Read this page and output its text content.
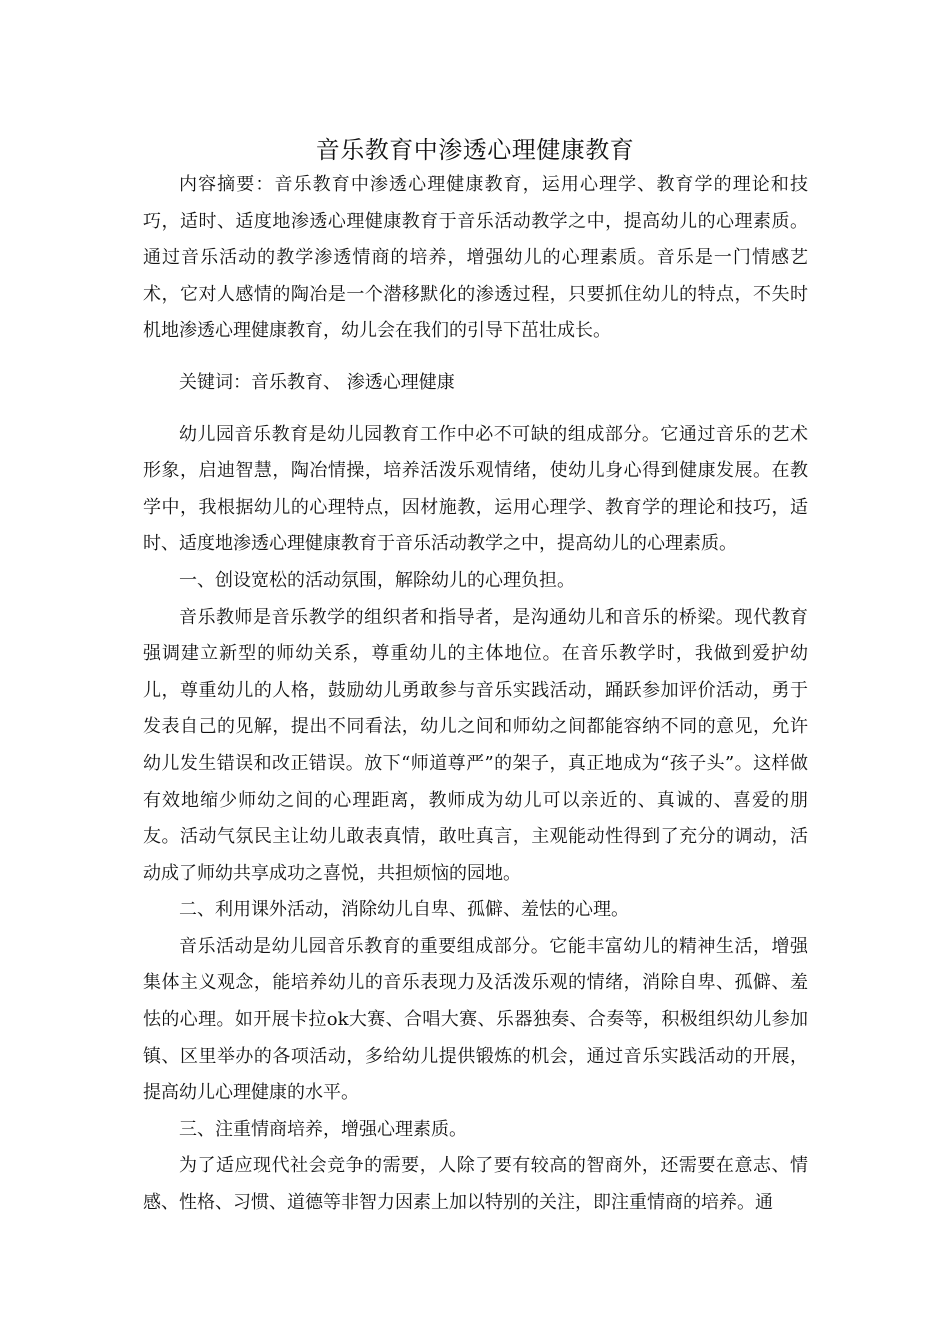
音乐教育中渗透心理健康教育

内容摘要：音乐教育中渗透心理健康教育，运用心理学、教育学的理论和技巧，适时、适度地渗透心理健康教育于音乐活动教学之中，提高幼儿的心理素质。通过音乐活动的教学渗透情商的培养，增强幼儿的心理素质。音乐是一门情感艺术，它对人感情的陶冶是一个潜移默化的渗透过程，只要抓住幼儿的特点，不失时机地渗透心理健康教育，幼儿会在我们的引导下茁壮成长。

关键词：音乐教育、 渗透心理健康

幼儿园音乐教育是幼儿园教育工作中必不可缺的组成部分。它通过音乐的艺术形象，启迪智慧，陶冶情操，培养活泼乐观情绪，使幼儿身心得到健康发展。在教学中，我根据幼儿的心理特点，因材施教，运用心理学、教育学的理论和技巧，适时、适度地渗透心理健康教育于音乐活动教学之中，提高幼儿的心理素质。

一、创设宽松的活动氛围，解除幼儿的心理负担。

音乐教师是音乐教学的组织者和指导者，是沟通幼儿和音乐的桥梁。现代教育强调建立新型的师幼关系，尊重幼儿的主体地位。在音乐教学时，我做到爱护幼儿，尊重幼儿的人格，鼓励幼儿勇敢参与音乐实践活动，踊跃参加评价活动，勇于发表自己的见解，提出不同看法，幼儿之间和师幼之间都能容纳不同的意见，允许幼儿发生错误和改正错误。放下“师道尊严”的架子，真正地成为“孩子头”。这样做有效地缩少师幼之间的心理距离，教师成为幼儿可以亲近的、真诚的、喜爱的朋友。活动气氛民主让幼儿敢表真情，敢吐真言，主观能动性得到了充分的调动，活动成了师幼共享成功之喜悦，共担烦恼的园地。

二、利用课外活动，消除幼儿自卑、孤僻、羞怯的心理。

音乐活动是幼儿园音乐教育的重要组成部分。它能丰富幼儿的精神生活，增强集体主义观念，能培养幼儿的音乐表现力及活泼乐观的情绪，消除自卑、孤僻、羞怯的心理。如开展卡拉ok大赛、合唱大赛、乐器独奏、合奏等，积极组织幼儿参加镇、区里举办的各项活动，多给幼儿提供锻炼的机会，通过音乐实践活动的开展，提高幼儿心理健康的水平。

三、注重情商培养，增强心理素质。

为了适应现代社会竞争的需要，人除了要有较高的智商外，还需要在意志、情感、性格、习惯、道德等非智力因素上加以特别的关注，即注重情商的培养。通
